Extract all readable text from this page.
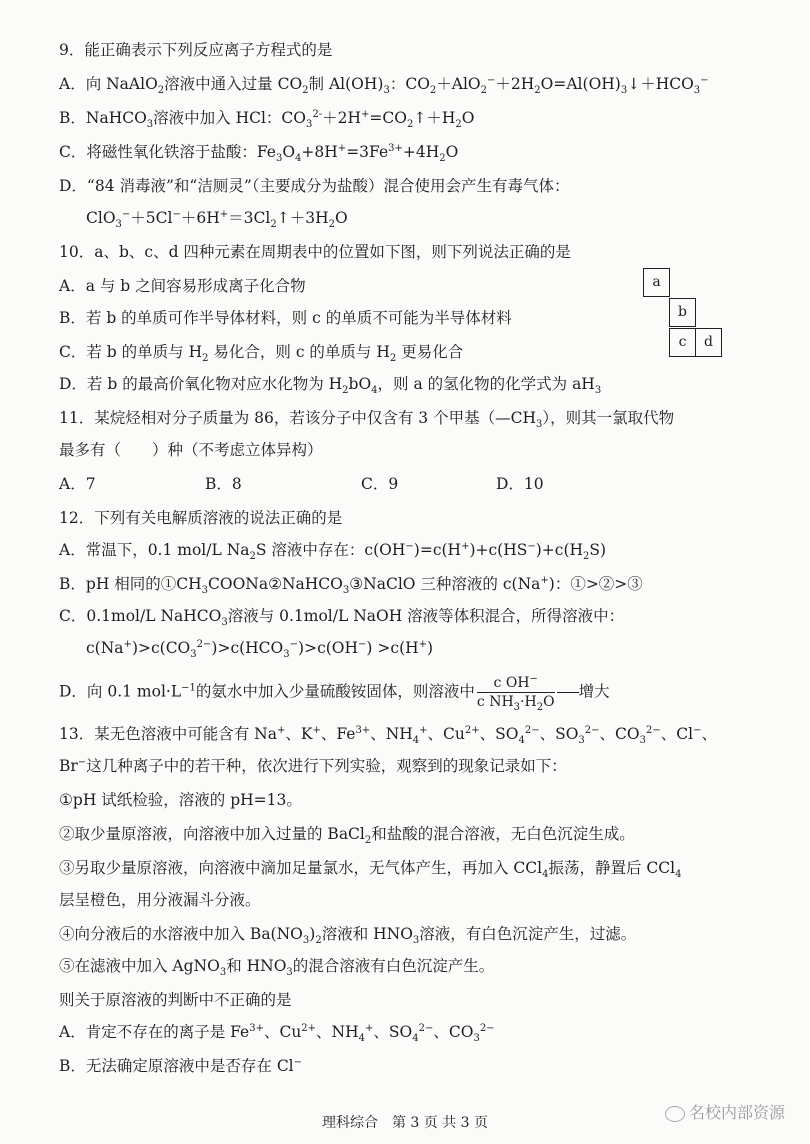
9．能正确表示下列反应离子方程式的是
A．向 NaAlO$_2$溶液中通入过量 $CO_2$制 $Al(OH)_3$：$CO_2+AlO_2^-+2H_2O=Al(OH)_3↓+HCO_3^-$
B．NaHCO$_3$溶液中加入 HCl：$CO_3^{2-}+2H^+=CO_2↑+H_2O$
C．将磁性氧化铁溶于盐酸：$Fe_3O_4+8H^+=3Fe^{3+}+4H_2O$
D．“84 消毒液”和“洁厕灵”（主要成分为盐酸）混合使用会产生有毒气体：
$ClO_3^-+5Cl^-+6H^+=3Cl_2↑+3H_2O$
10．a、b、c、d 四种元素在周期表中的位置如下图，则下列说法正确的是
A．a 与 b 之间容易形成离子化合物
B．若 b 的单质可作半导体材料，则 c 的单质不可能为半导体材料
C．若 b 的单质与 $H_2$ 易化合，则 c 的单质与 $H_2$ 更易化合
D．若 b 的最高价氧化物对应水化物为 $H_2bO_4$，则 a 的氢化物的化学式为 $aH_3$
a
b
c	d
11．某烷烃相对分子质量为 86，若该分子中仅含有 3 个甲基$(—CH_3)$，则其一氯取代物
最多有（　　）种（不考虑立体异构）
A．7	B．8	C．9	D．10
12．下列有关电解质溶液的说法正确的是
A．常温下，0.1 mol/L $Na_2S$ 溶液中存在：$c(OH^-)=c(H^+)+c(HS^-)+c(H_2S)$
B．pH 相同的$①CH_3COONa②NaHCO_3③NaClO$ 三种溶液的 c(Na+)：①>②>③
C．0.1mol/L NaHCO$_3$溶液与 0.1mol/L NaOH 溶液等体积混合，所得溶液中：
$c(Na^+)>c(CO_3^{2-})>c(HCO_3^-)>c(OH^-) >c(H^+)$
D．向 0.1 $mol\cdot L^{-1}$的氨水中加入少量硫酸铵固体，则溶液中 $\frac{c OH^-}{c NH_3\cdot H_2O}$ 增大
13．某无色溶液中可能含有 Na+、K+、$Fe^{3+}$、$NH_4^+$、$Cu^{2+}$、$SO_4^{2-}$、$SO_3^{2-}$、$CO_3^{2-}$、Cl−、
Br−这几种离子中的若干种，依次进行下列实验，观察到的现象记录如下：
①pH 试纸检验，溶液的 pH=13。
②取少量原溶液，向溶液中加入过量的 BaCl$_2$和盐酸的混合溶液，无白色沉淀生成。
③另取少量原溶液，向溶液中滴加足量氯水，无气体产生，再加入 CCl$_4$振荡，静置后 CCl$_4$
层呈橙色，用分液漏斗分液。
④向分液后的水溶液中加入 $Ba(NO_3)_2$溶液和 $HNO_3$溶液，有白色沉淀产生，过滤。
⑤在滤液中加入 AgNO$_3$和 $HNO_3$的混合溶液有白色沉淀产生。
则关于原溶液的判断中不正确的是
A．肯定不存在的离子是 $Fe^{3+}$、$Cu^{2+}$、$NH_4^+$、$SO_4^{2-}$、$CO_3^{2-}$
B．无法确定原溶液中是否存在 Cl−
理科综合　第 3 页 共 3 页
名校内部资源
